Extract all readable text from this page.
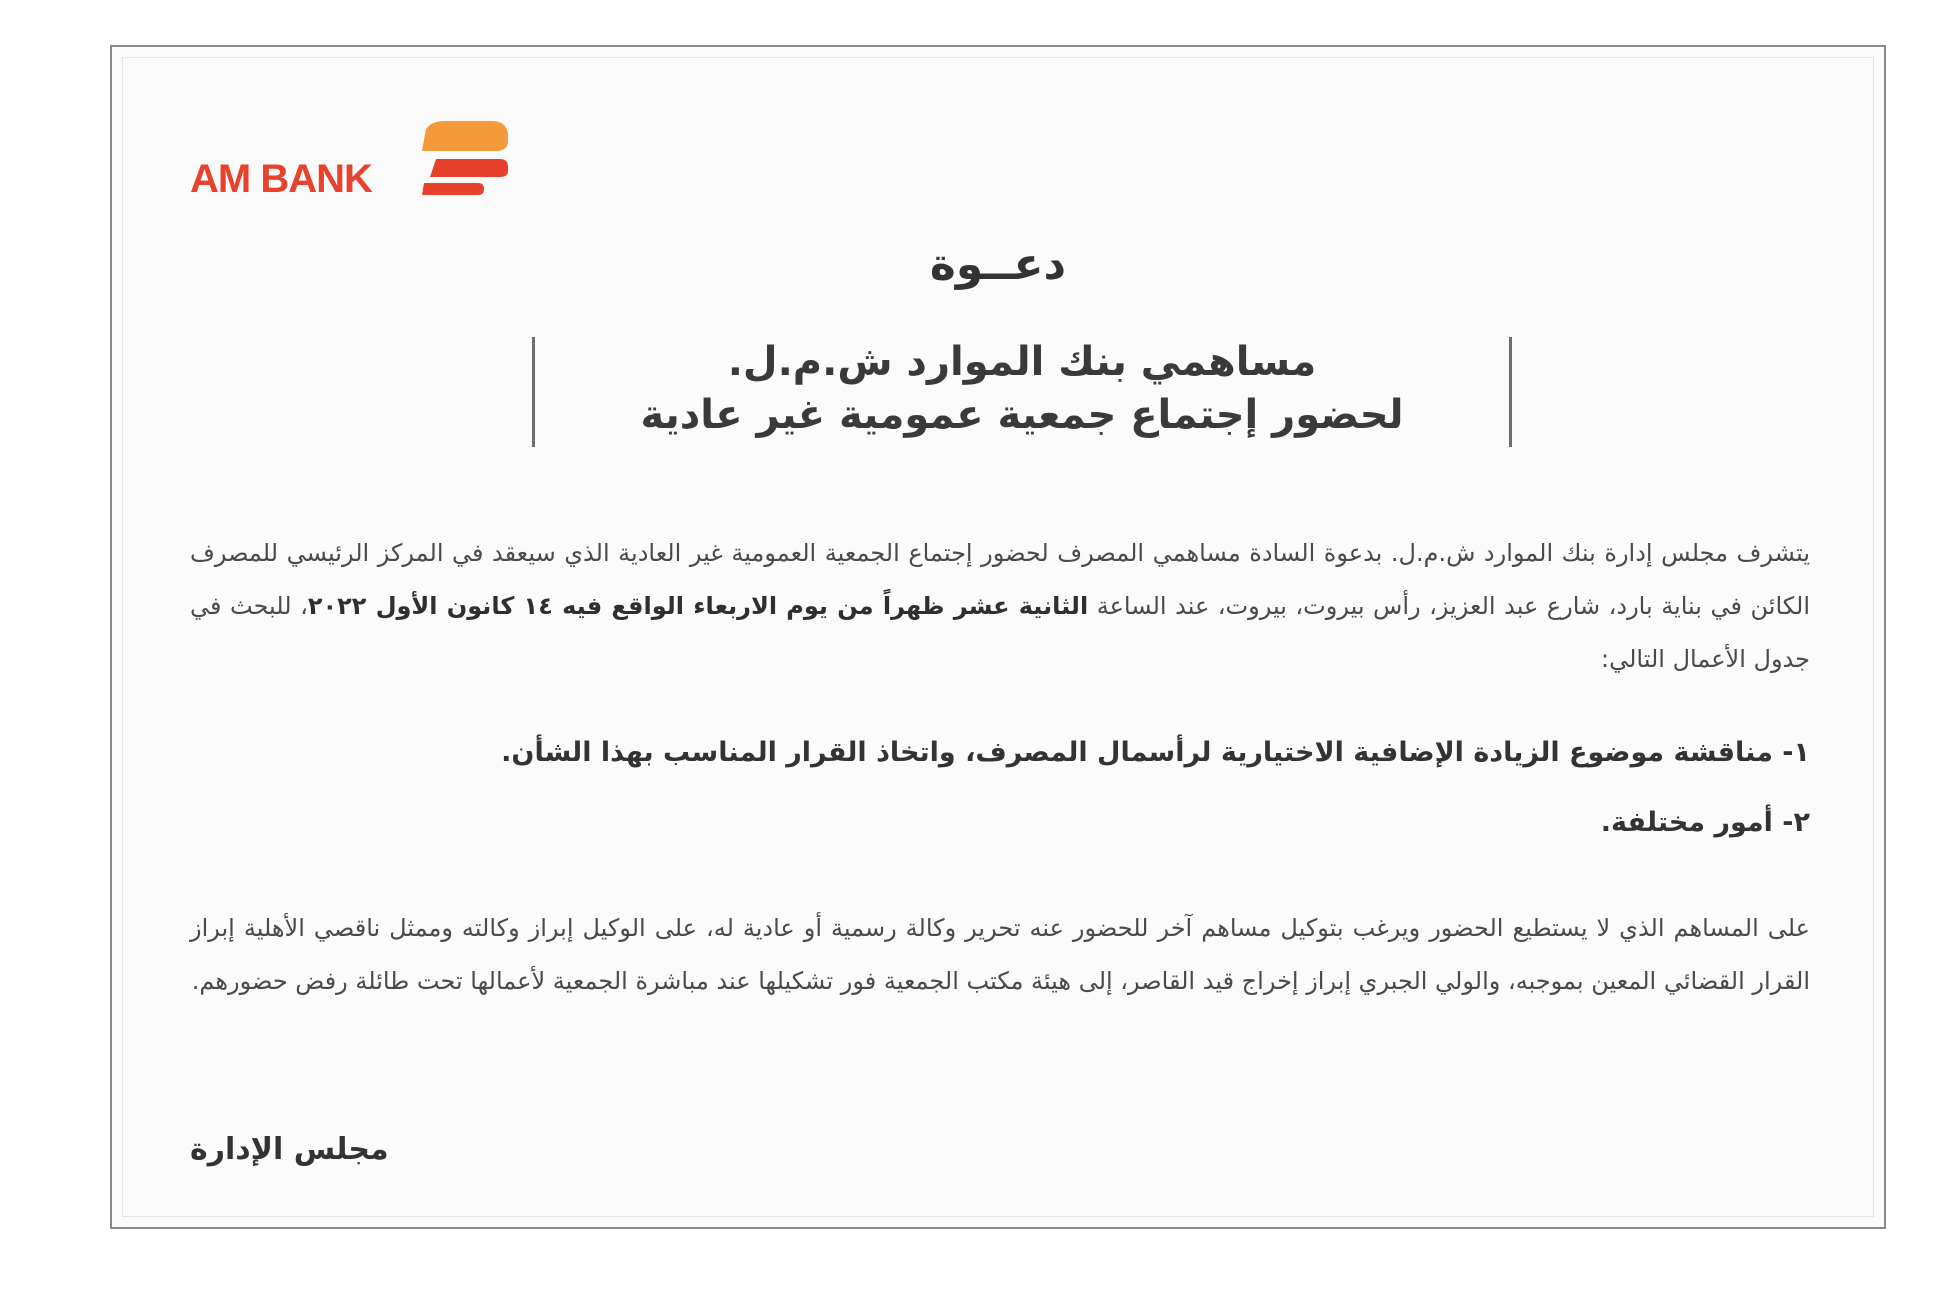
AM BANK
دعــوة
مساهمي بنك الموارد ش.م.ل.
لحضور إجتماع جمعية عمومية غير عادية
يتشرف مجلس إدارة بنك الموارد ش.م.ل. بدعوة السادة مساهمي المصرف لحضور إجتماع الجمعية العمومية غير العادية الذي سيعقد في المركز الرئيسي للمصرف الكائن في بناية بارد، شارع عبد العزيز، رأس بيروت، بيروت، عند الساعة الثانية عشر ظهراً من يوم الاربعاء الواقع فيه ١٤ كانون الأول ٢٠٢٢، للبحث في جدول الأعمال التالي:
١- مناقشة موضوع الزيادة الإضافية الاختيارية لرأسمال المصرف، واتخاذ القرار المناسب بهذا الشأن.
٢- أمور مختلفة.
على المساهم الذي لا يستطيع الحضور ويرغب بتوكيل مساهم آخر للحضور عنه تحرير وكالة رسمية أو عادية له، على الوكيل إبراز وكالته وممثل ناقصي الأهلية إبراز القرار القضائي المعين بموجبه، والولي الجبري إبراز إخراج قيد القاصر، إلى هيئة مكتب الجمعية فور تشكيلها عند مباشرة الجمعية لأعمالها تحت طائلة رفض حضورهم.
مجلس الإدارة
